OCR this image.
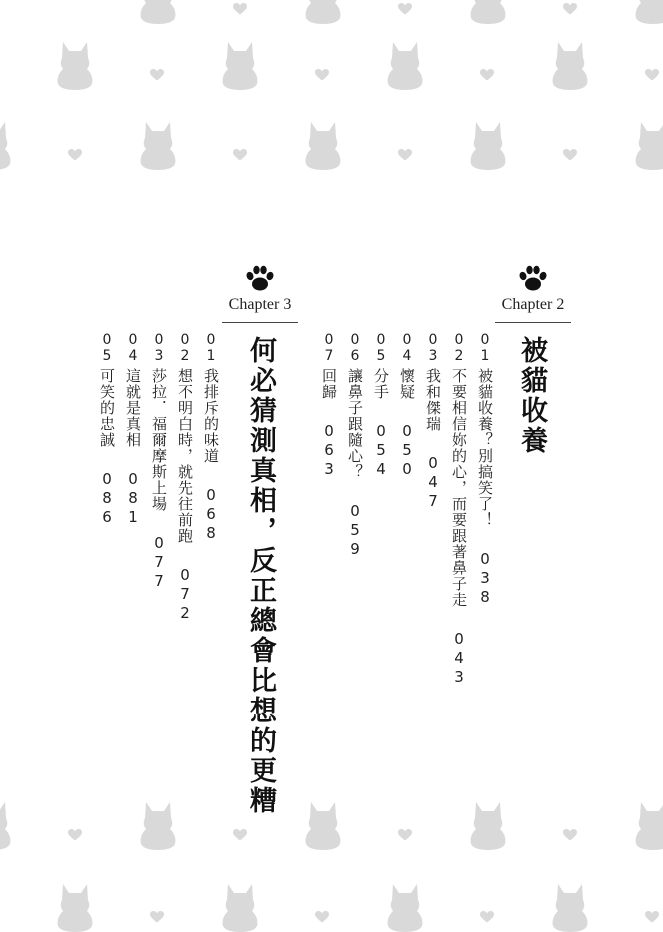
Chapter 2
Chapter 3
被貓收養
何必猜測真相，反正總會比想的更糟	01被貓收養？別搞笑了！038
02不要相信妳的心，而要跟著鼻子走043
03我和傑瑞047
04懷疑050
05分手054
06讓鼻子跟隨心？059
07回歸063
01我排斥的味道068
02想不明白時，就先往前跑072
03莎拉．福爾摩斯上場077
04這就是真相081
05可笑的忠誠086
